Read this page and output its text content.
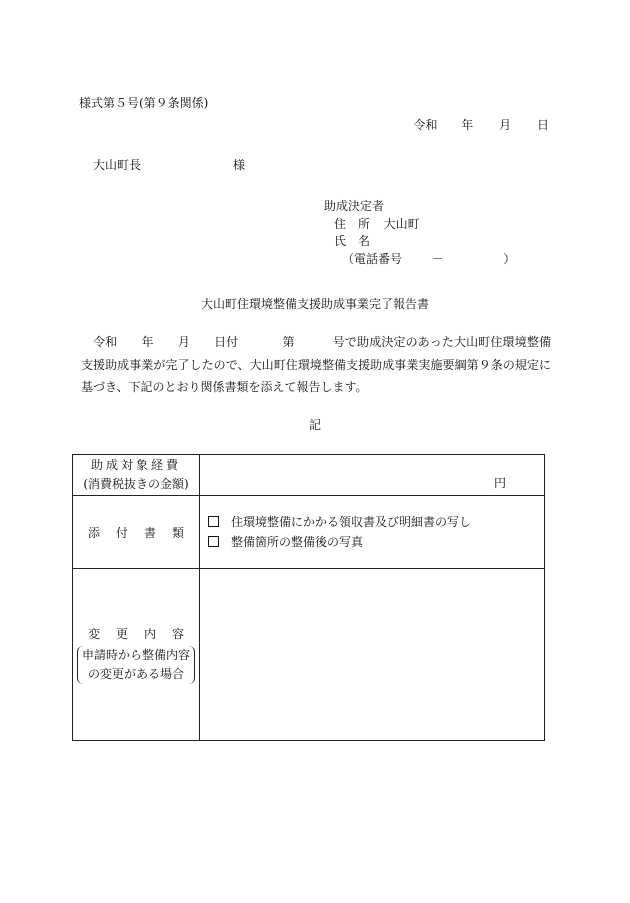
様式第５号(第９条関係)
令和 年 月 日
大山町長	様
助成決定者
住　所 大山町
氏　名
（電話番号 －	）
大山町住環境整備支援助成事業完了報告書
令和 年 月 日付	第	号で助成決定のあった大山町住環境整備支援助成事業が完了したので、大山町住環境整備支援助成事業実施要綱第９条の規定に基づき、下記のとおり関係書類を添えて報告します。
記
助成対象経費
(消費税抜きの金額)	円

添付書類	住環境整備にかかる領収書及び明細書の写し
整備箇所の整備後の写真

変更内容
申請時から整備内容
の変更がある場合	
